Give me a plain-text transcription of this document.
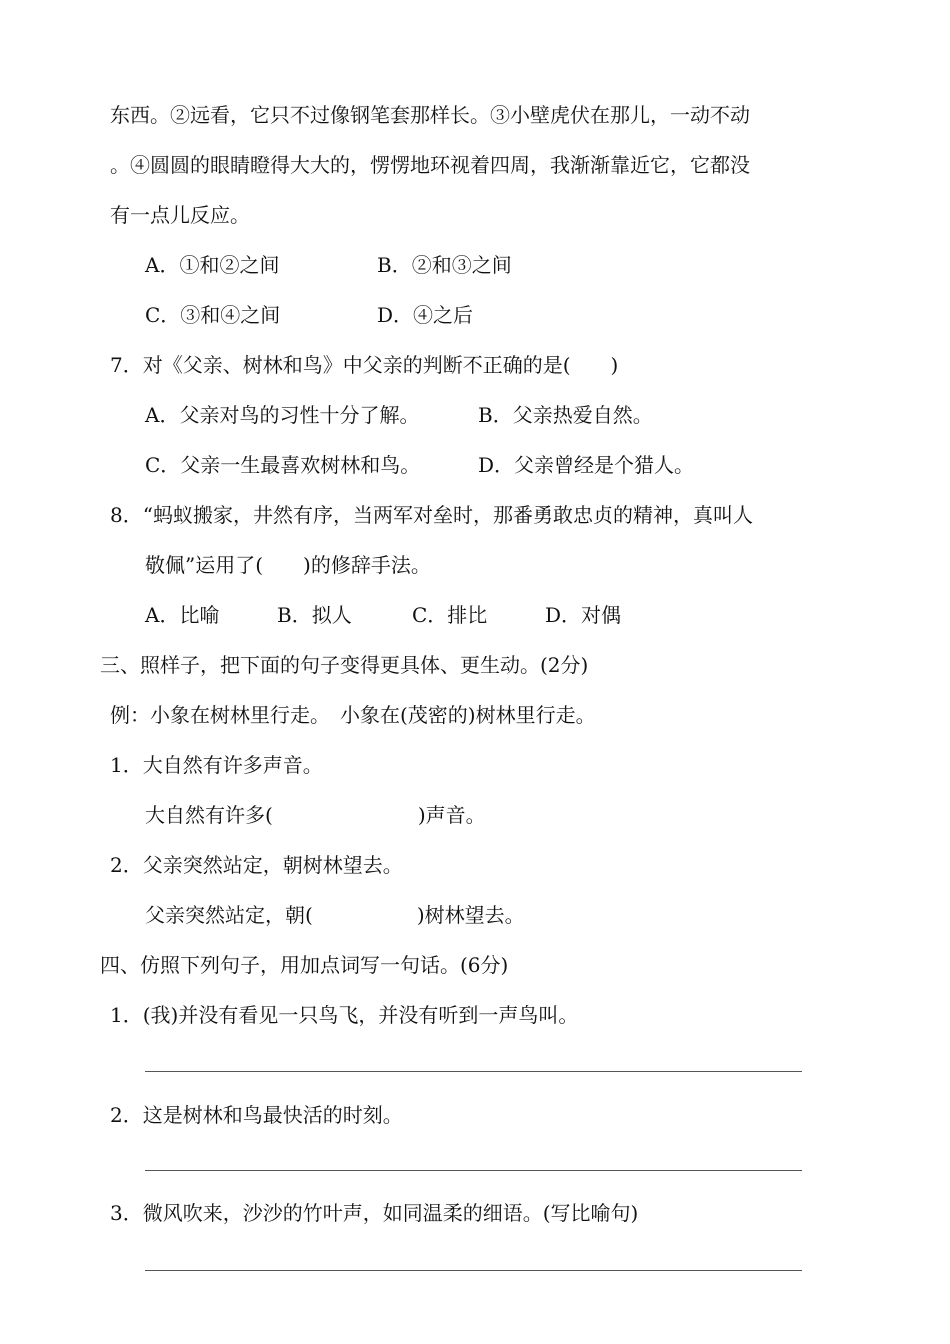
东西。②远看，它只不过像钢笔套那样长。③小壁虎伏在那儿，一动不动
。④圆圆的眼睛瞪得大大的，愣愣地环视着四周，我渐渐靠近它，它都没
有一点儿反应。
A．①和②之间	B．②和③之间
C．③和④之间	D．④之后
7．对《父亲、树林和鸟》中父亲的判断不正确的是(　　)
A．父亲对鸟的习性十分了解。	B．父亲热爱自然。
C．父亲一生最喜欢树林和鸟。	D．父亲曾经是个猎人。
8．“蚂蚁搬家，井然有序，当两军对垒时，那番勇敢忠贞的精神，真叫人
敬佩”运用了(　　)的修辞手法。
A．比喻	B．拟人	C．排比	D．对偶
三、照样子，把下面的句子变得更具体、更生动。(2分)
例：小象在树林里行走。　小象在(茂密的)树林里行走。
1．大自然有许多声音。
大自然有许多(	)声音。
2．父亲突然站定，朝树林望去。
父亲突然站定，朝(	)树林望去。
四、仿照下列句子，用加点词写一句话。(6分)
1．(我)并没有看见一只鸟飞，并没有听到一声鸟叫。
2．这是树林和鸟最快活的时刻。
3．微风吹来，沙沙的竹叶声，如同温柔的细语。(写比喻句)
